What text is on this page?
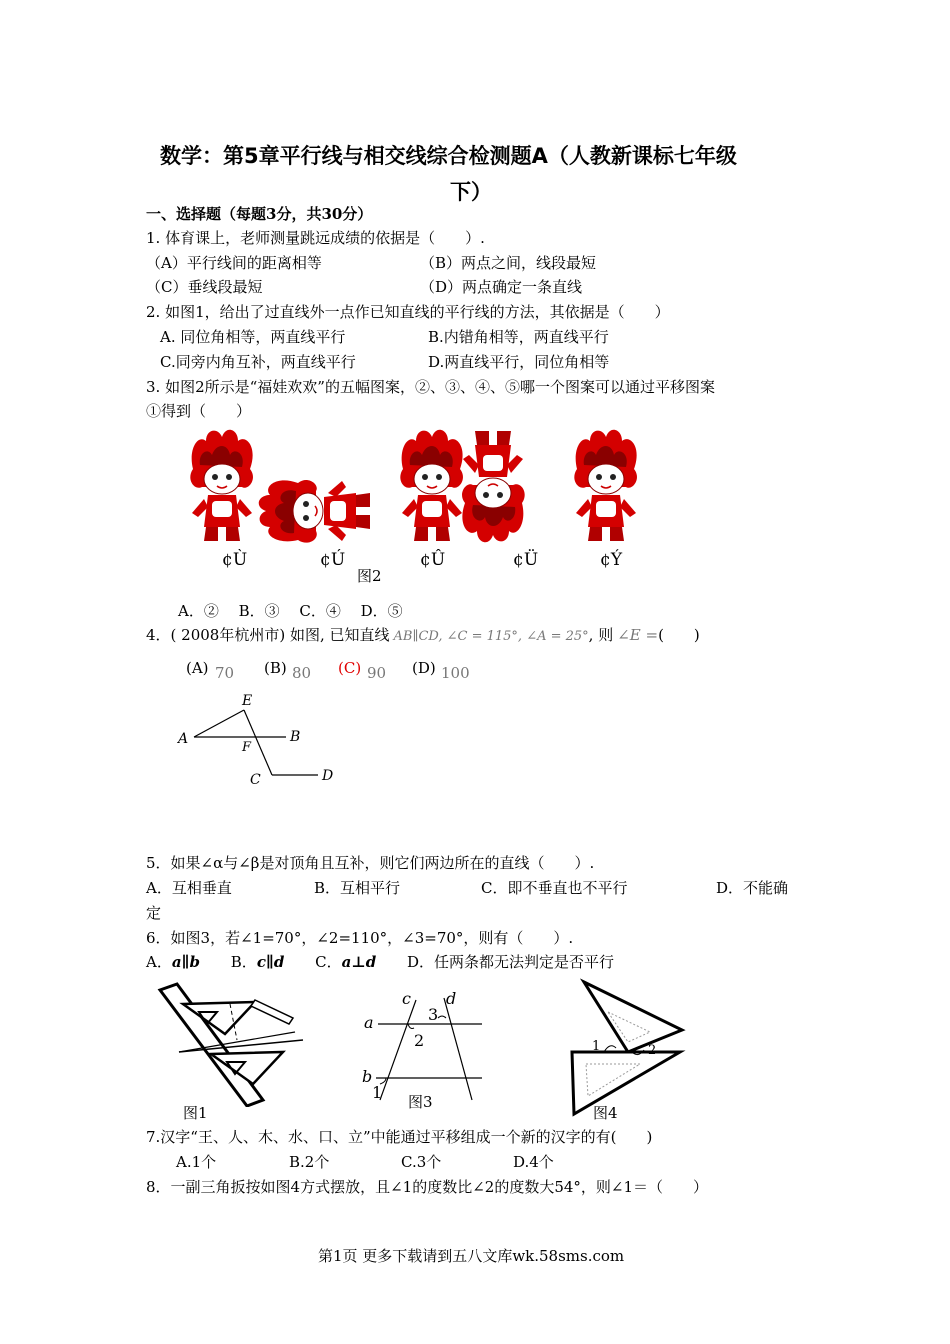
数学：第5章平行线与相交线综合检测题A（人教新课标七年级
下）
一、选择题（每题3分，共30分）
1. 体育课上，老师测量跳远成绩的依据是（　　）.
（A）平行线间的距离相等	（B）两点之间，线段最短
（C）垂线段最短	（D）两点确定一条直线
2. 如图1，给出了过直线外一点作已知直线的平行线的方法，其依据是（　　）
A. 同位角相等，两直线平行	B.内错角相等，两直线平行
C.同旁内角互补，两直线平行	D.两直线平行，同位角相等
3. 如图2所示是“福娃欢欢”的五幅图案，②、③、④、⑤哪一个图案可以通过平移图案
①得到（　　）
¢Ù	¢Ú	¢Û	¢Ü	¢Ý
图2
A．②　 B．③　 C．④　 D．⑤
4．( 2008年杭州市) 如图, 已知直线 AB∥CD, ∠C = 115°, ∠A = 25°, 则 ∠E =(　　)
(A) 70 (B) 80 (C) 90 (D) 100
A	B
C	D
E
F
5．如果∠α与∠β是对顶角且互补，则它们两边所在的直线（　　）.
A．互相垂直	B．互相平行	C．即不垂直也不平行	D．不能确
定
6．如图3，若∠1=70°，∠2=110°，∠3=70°，则有（　　）.
A．a∥b B．c∥d C．a⊥d D．任两条都无法判定是否平行
图1
a
b
c d
1
2
3
图3
1	2
图4
7.汉字“王、人、木、水、口、立”中能通过平移组成一个新的汉字的有(　　)
A.1个	B.2个	C.3个	D.4个
8．一副三角扳按如图4方式摆放，且∠1的度数比∠2的度数大54°，则∠1＝（　　）
第1页 更多下载请到五八文库wk.58sms.com
